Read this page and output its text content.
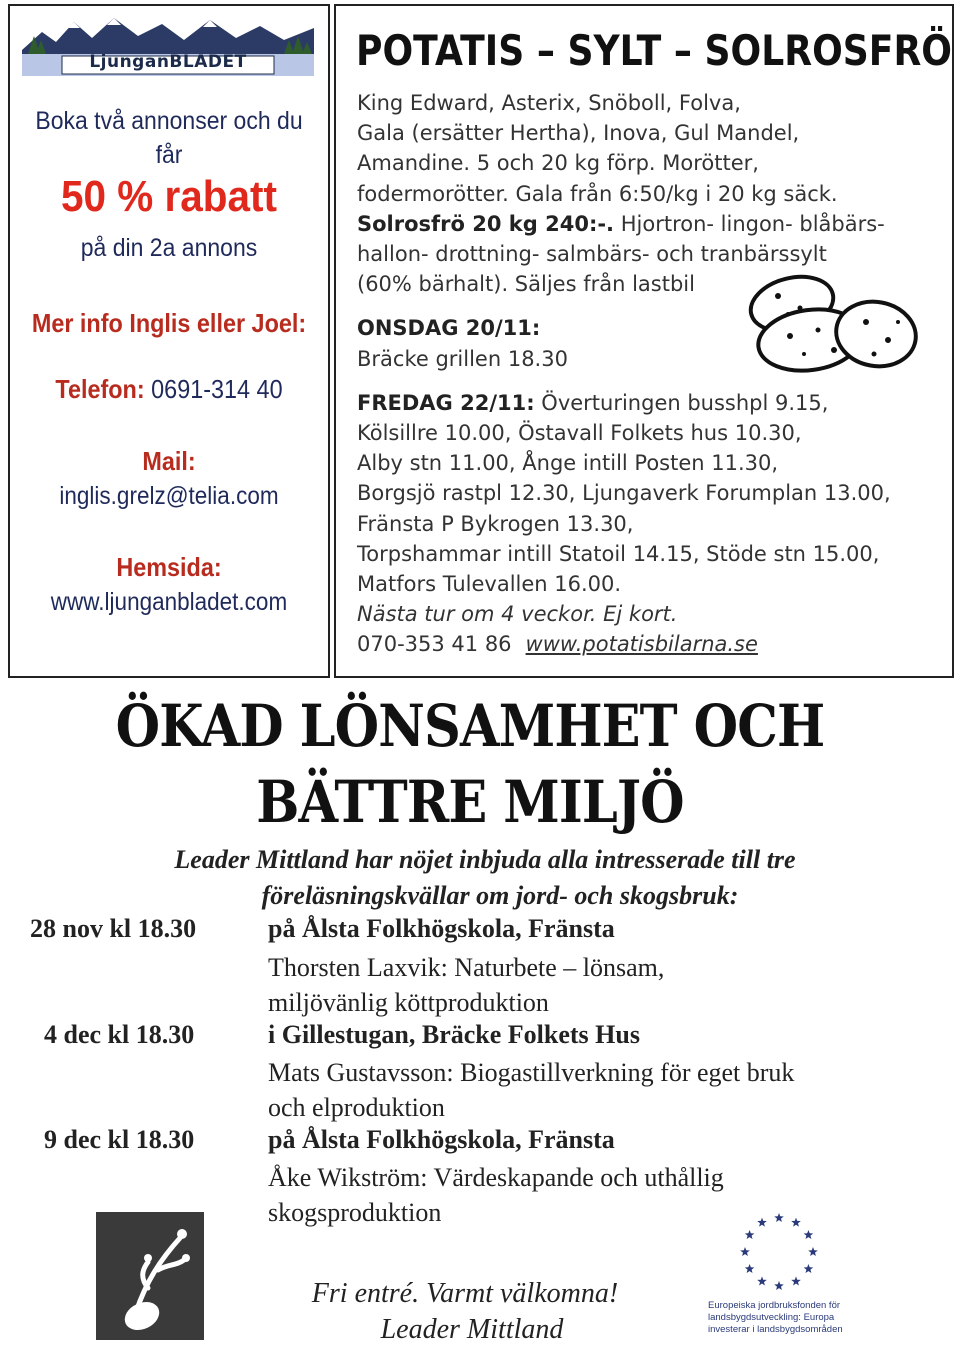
LjunganBLADET
Boka två annonser och du får
50 % rabatt
på din 2a annons
Mer info Inglis eller Joel:
Telefon: 0691-314 40
Mail:
inglis.grelz@telia.com
Hemsida:
www.ljunganbladet.com
POTATIS – SYLT – SOLROSFRÖ

King Edward, Asterix, Snöboll, Folva,

Gala (ersätter Hertha), Inova, Gul Mandel,

Amandine. 5 och 20 kg förp. Morötter,

fodermorötter. Gala från 6:50/kg i 20 kg säck.

Solrosfrö 20 kg 240:-. Hjortron- lingon- blåbärs-

hallon- drottning- salmbärs- och tranbärssylt

(60% bärhalt). Säljes från lastbil

ONSDAG 20/11:

Bräcke grillen 18.30

FREDAG 22/11: Överturingen busshpl 9.15,

Kölsillre 10.00, Östavall Folkets hus 10.30,

Alby stn 11.00, Ånge intill Posten 11.30,

Borgsjö rastpl 12.30, Ljungaverk Forumplan 13.00,

Fränsta P Bykrogen 13.30,

Torpshammar intill Statoil 14.15, Stöde stn 15.00,

Matfors Tulevallen 16.00.

Nästa tur om 4 veckor. Ej kort.

070-353 41 86 www.potatisbilarna.se

ÖKAD LÖNSAMHET OCH
BÄTTRE MILJÖ
Leader Mittland har nöjet inbjuda alla intresserade till tre
föreläsningskvällar om jord- och skogsbruk:
28 nov kl 18.30	på Ålsta Folkhögskola, Fränsta
Thorsten Laxvik: Naturbete – lönsam,
miljövänlig köttproduktion
4 dec kl 18.30	i Gillestugan, Bräcke Folkets Hus
Mats Gustavsson: Biogastillverkning för eget bruk
och elproduktion
9 dec kl 18.30	på Ålsta Folkhögskola, Fränsta
Åke Wikström: Värdeskapande och uthållig
skogsproduktion
Europeiska jordbruksfonden för
landsbygdsutveckling: Europa
investerar i landsbygdsområden
Fri entré. Varmt välkomna!
Leader Mittland
